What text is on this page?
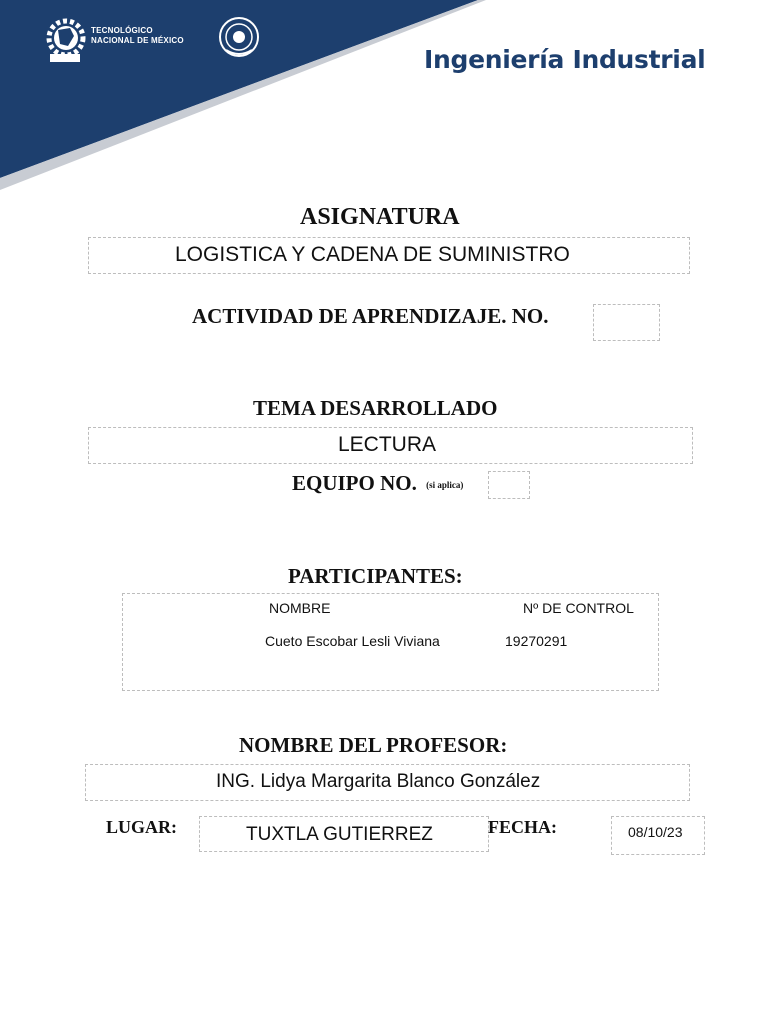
TECNOLÓGICO
NACIONAL DE MÉXICO
Ingeniería Industrial
ASIGNATURA
LOGISTICA Y CADENA DE SUMINISTRO
ACTIVIDAD DE APRENDIZAJE. NO.
TEMA DESARROLLADO
LECTURA
EQUIPO NO. (si aplica)
PARTICIPANTES:
NOMBRE	Nº DE CONTROL
Cueto Escobar Lesli Viviana	19270291
NOMBRE DEL PROFESOR:
ING. Lidya Margarita Blanco González
LUGAR:	TUXTLA GUTIERREZ	FECHA:	08/10/23
